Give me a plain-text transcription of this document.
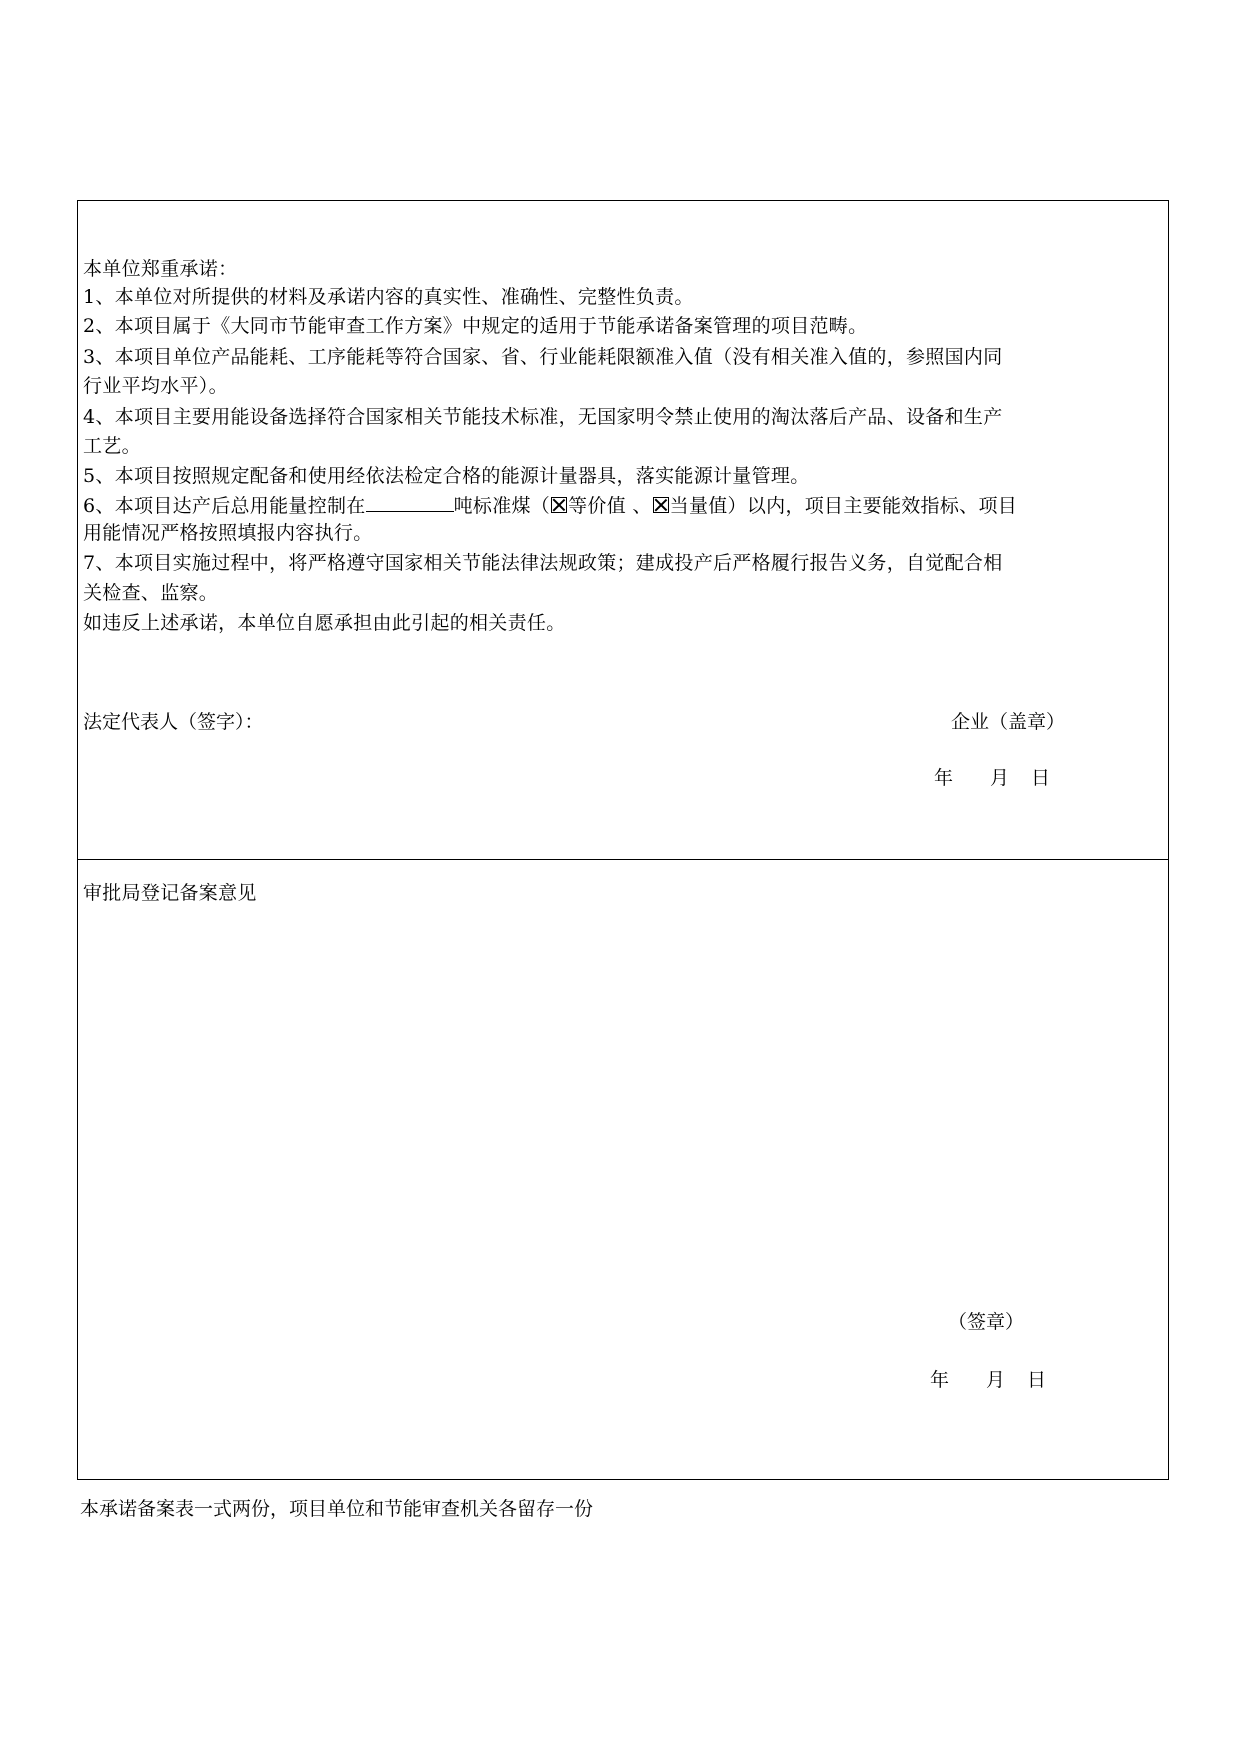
本单位郑重承诺：
1、本单位对所提供的材料及承诺内容的真实性、准确性、完整性负责。
2、本项目属于《大同市节能审查工作方案》中规定的适用于节能承诺备案管理的项目范畴。
3、本项目单位产品能耗、工序能耗等符合国家、省、行业能耗限额准入值（没有相关准入值的，参照国内同
行业平均水平）。
4、本项目主要用能设备选择符合国家相关节能技术标准，无国家明令禁止使用的淘汰落后产品、设备和生产
工艺。
5、本项目按照规定配备和使用经依法检定合格的能源计量器具，落实能源计量管理。
6、本项目达产后总用能量控制在	吨标准煤（ 等价值 、 当量值）以内，项目主要能效指标、项目
用能情况严格按照填报内容执行。
7、本项目实施过程中，将严格遵守国家相关节能法律法规政策；建成投产后严格履行报告义务，自觉配合相
关检查、监察。
如违反上述承诺，本单位自愿承担由此引起的相关责任。
法定代表人（签字）：	企业（盖章）
年 月 日
审批局登记备案意见
（签章）
年 月 日
本承诺备案表一式两份，项目单位和节能审查机关各留存一份
